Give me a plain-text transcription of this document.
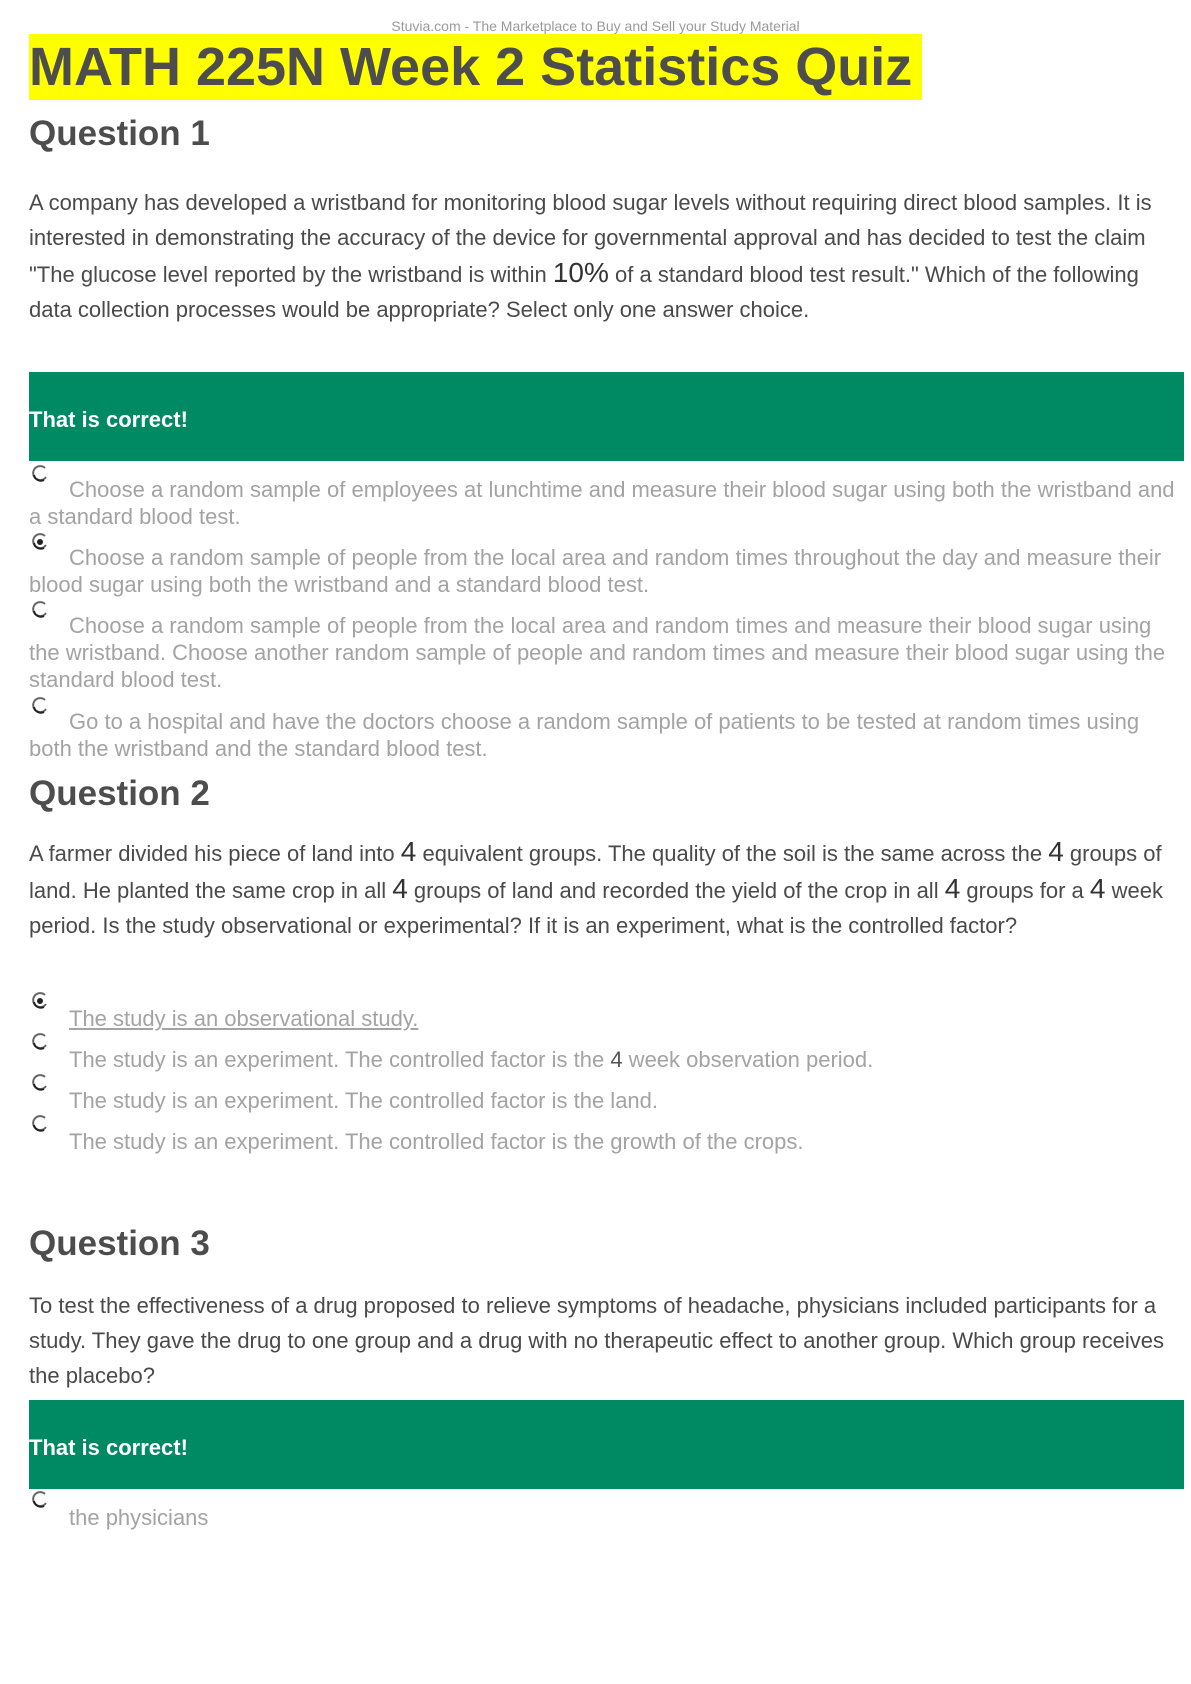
Stuvia.com - The Marketplace to Buy and Sell your Study Material
MATH 225N Week 2 Statistics Quiz
Question 1
A company has developed a wristband for monitoring blood sugar levels without requiring direct blood samples. It is interested in demonstrating the accuracy of the device for governmental approval and has decided to test the claim "The glucose level reported by the wristband is within 10% of a standard blood test result." Which of the following data collection processes would be appropriate? Select only one answer choice.
That is correct!
Choose a random sample of employees at lunchtime and measure their blood sugar using both the wristband and a standard blood test.
Choose a random sample of people from the local area and random times throughout the day and measure their blood sugar using both the wristband and a standard blood test.
Choose a random sample of people from the local area and random times and measure their blood sugar using the wristband. Choose another random sample of people and random times and measure their blood sugar using the standard blood test.
Go to a hospital and have the doctors choose a random sample of patients to be tested at random times using both the wristband and the standard blood test.
Question 2
A farmer divided his piece of land into 4 equivalent groups. The quality of the soil is the same across the 4 groups of land. He planted the same crop in all 4 groups of land and recorded the yield of the crop in all 4 groups for a 4 week period. Is the study observational or experimental? If it is an experiment, what is the controlled factor?
The study is an observational study.
The study is an experiment. The controlled factor is the 4 week observation period.
The study is an experiment. The controlled factor is the land.
The study is an experiment. The controlled factor is the growth of the crops.
Question 3
To test the effectiveness of a drug proposed to relieve symptoms of headache, physicians included participants for a study. They gave the drug to one group and a drug with no therapeutic effect to another group. Which group receives the placebo?
That is correct!
the physicians
